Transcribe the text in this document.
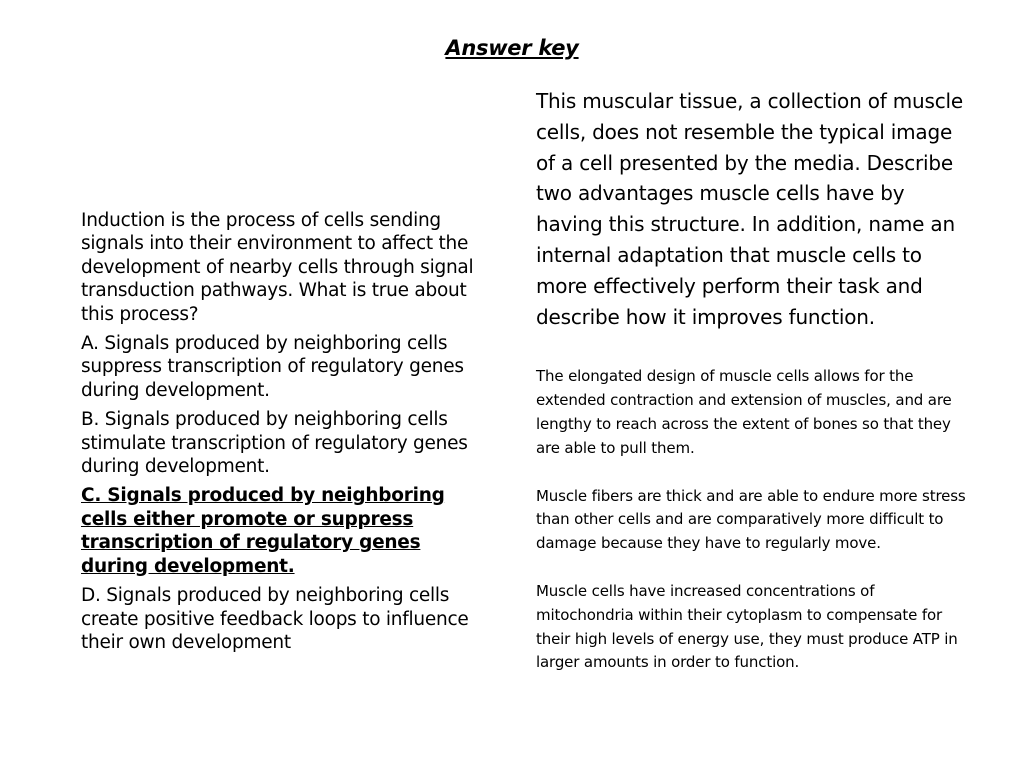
Answer key

Induction is the process of cells sending signals into their environment to affect the development of nearby cells through signal transduction pathways. What is true about this process?

A. Signals produced by neighboring cells suppress transcription of regulatory genes during development.

B. Signals produced by neighboring cells stimulate transcription of regulatory genes during development.

C. Signals produced by neighboring cells either promote or suppress transcription of regulatory genes during development.

D. Signals produced by neighboring cells create positive feedback loops to influence their own development

This muscular tissue, a collection of muscle cells, does not resemble the typical image of a cell presented by the media. Describe two advantages muscle cells have by having this structure. In addition, name an internal adaptation that muscle cells to more effectively perform their task and describe how it improves function.

The elongated design of muscle cells allows for the extended contraction and extension of muscles, and are lengthy to reach across the extent of bones so that they are able to pull them.

Muscle fibers are thick and are able to endure more stress than other cells and are comparatively more difficult to damage because they have to regularly move.

Muscle cells have increased concentrations of mitochondria within their cytoplasm to compensate for their high levels of energy use, they must produce ATP in larger amounts in order to function.
